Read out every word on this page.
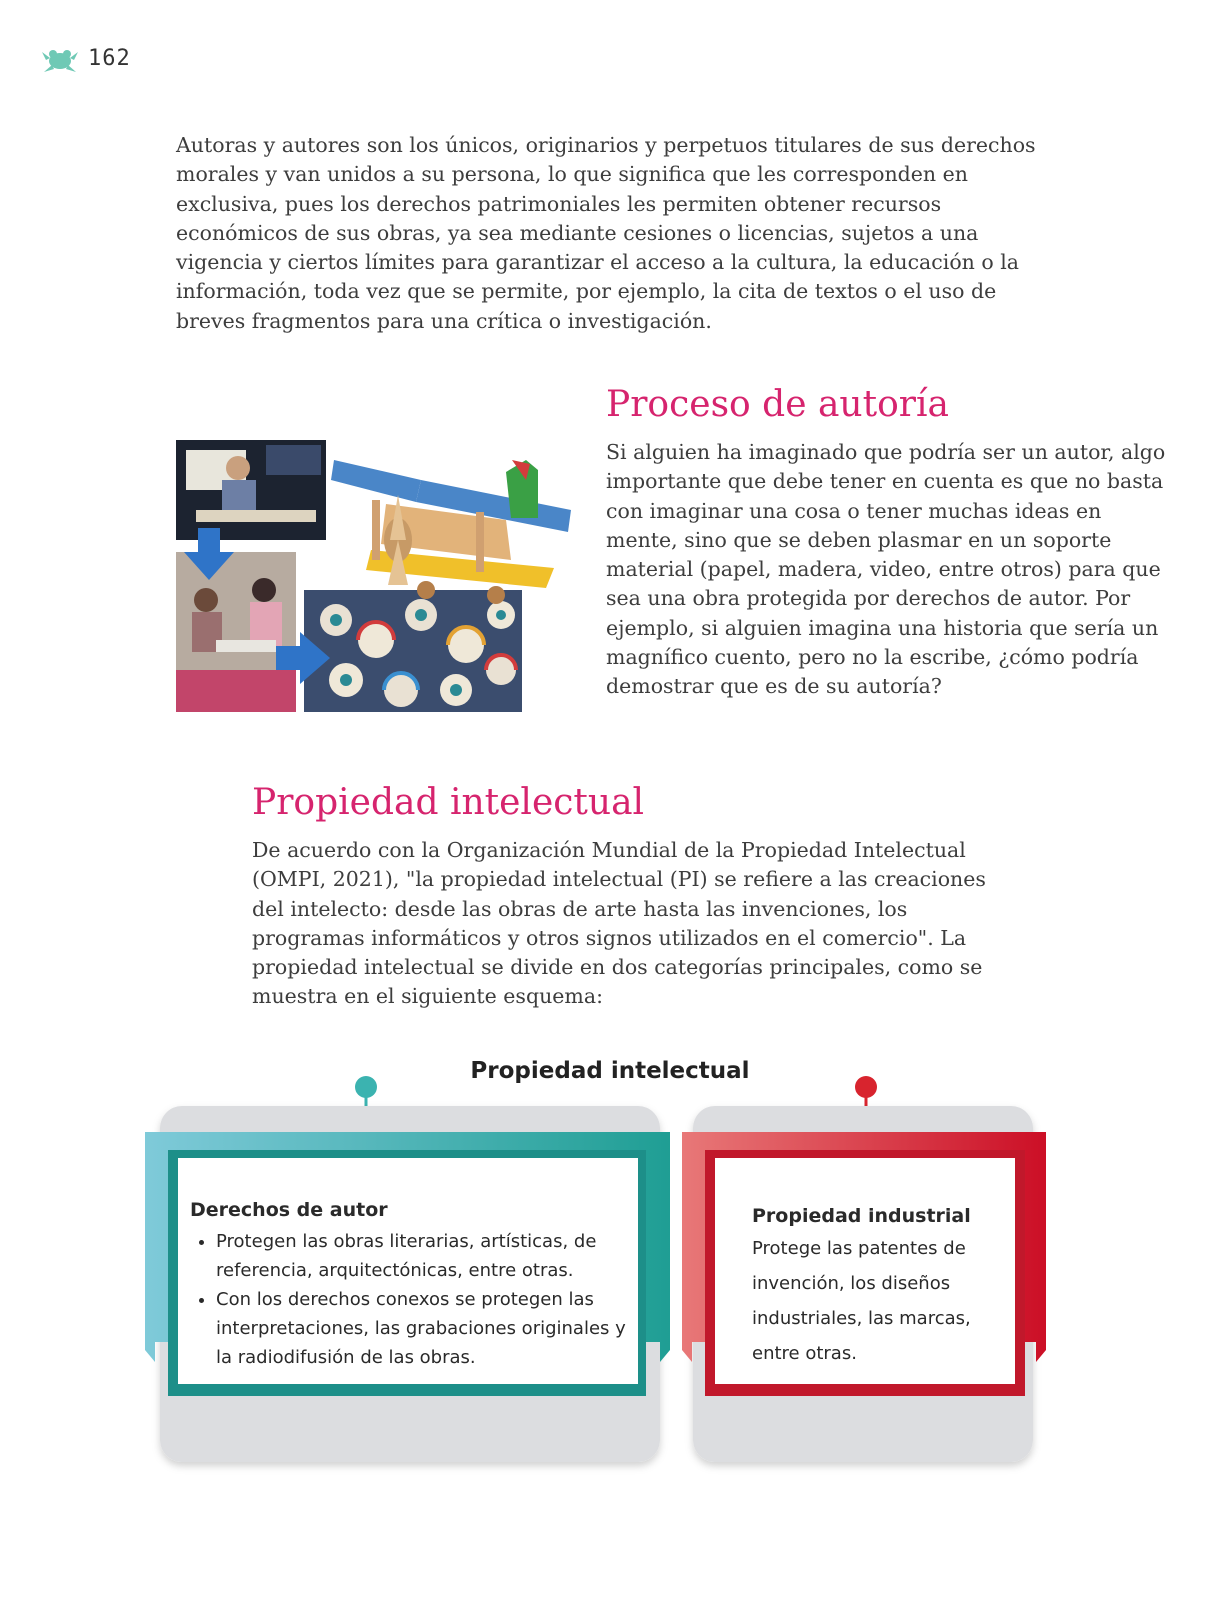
162

Autoras y autores son los únicos, originarios y perpetuos titulares de sus derechos morales y van unidos a su persona, lo que significa que les corresponden en exclusiva, pues los derechos patrimoniales les permiten obtener recursos económicos de sus obras, ya sea mediante cesiones o licencias, sujetos a una vigencia y ciertos límites para garantizar el acceso a la cultura, la educación o la información, toda vez que se permite, por ejemplo, la cita de textos o el uso de breves fragmentos para una crítica o investigación.

Proceso de autoría

Si alguien ha imaginado que podría ser un autor, algo importante que debe tener en cuenta es que no basta con imaginar una cosa o tener muchas ideas en mente, sino que se deben plasmar en un soporte material (papel, madera, video, entre otros) para que sea una obra protegida por derechos de autor. Por ejemplo, si alguien imagina una historia que sería un magnífico cuento, pero no la escribe, ¿cómo podría demostrar que es de su autoría?

Propiedad intelectual

De acuerdo con la Organización Mundial de la Propiedad Intelectual (OMPI, 2021), "la propiedad intelectual (PI) se refiere a las creaciones del intelecto: desde las obras de arte hasta las invenciones, los programas informáticos y otros signos utilizados en el comercio". La propiedad intelectual se divide en dos categorías principales, como se muestra en el siguiente esquema:

Propiedad intelectual

Derechos de autor

• Protegen las obras literarias, artísticas, de referencia, arquitectónicas, entre otras.
• Con los derechos conexos se protegen las interpretaciones, las grabaciones originales y la radiodifusión de las obras.

Propiedad industrial

Protege las patentes de invención, los diseños industriales, las marcas, entre otras.
